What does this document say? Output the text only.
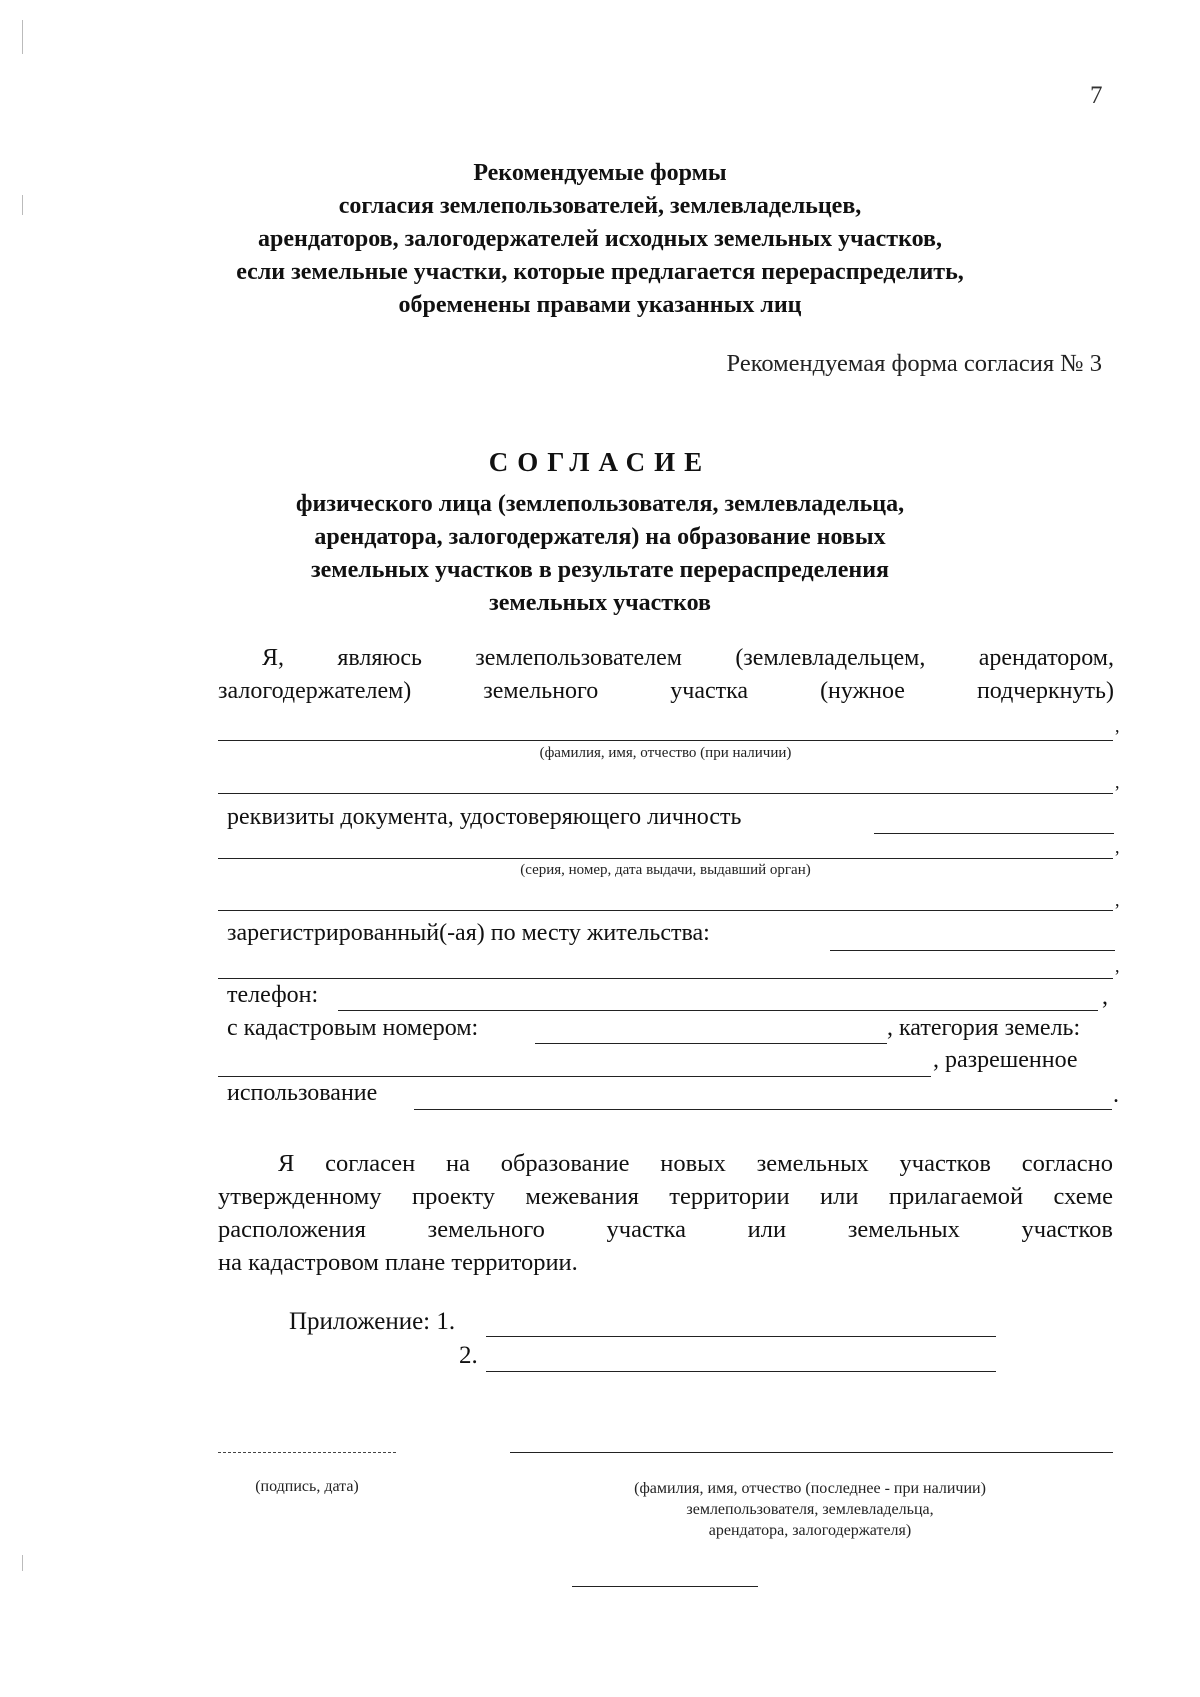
7
Рекомендуемые формы
согласия землепользователей, землевладельцев,
арендаторов, залогодержателей исходных земельных участков,
если земельные участки, которые предлагается перераспределить,
обременены правами указанных лиц
Рекомендуемая форма согласия № 3
СОГЛАСИЕ
физического лица (землепользователя, землевладельца,
арендатора, залогодержателя) на образование новых
земельных участков в результате перераспределения
земельных участков
Я, являюсь землепользователем (землевладельцем, арендатором,
залогодержателем)	земельного	участка	(нужное	подчеркнуть)
,
(фамилия, имя, отчество (при наличии)
,
реквизиты документа, удостоверяющего личность
,
(серия, номер, дата выдачи, выдавший орган)
,
зарегистрированный(-ая) по месту жительства:
,
телефон:	,
с кадастровым номером:	, категория земель:
, разрешенное
использование	.
Я согласен на образование новых земельных участков согласно
утвержденному проекту межевания территории или прилагаемой схеме
расположения земельного участка или земельных участков
на кадастровом плане территории.
Приложение: 1.
2.
(подпись, дата)	(фамилия, имя, отчество (последнее - при наличии)
землепользователя, землевладельца,
арендатора, залогодержателя)
